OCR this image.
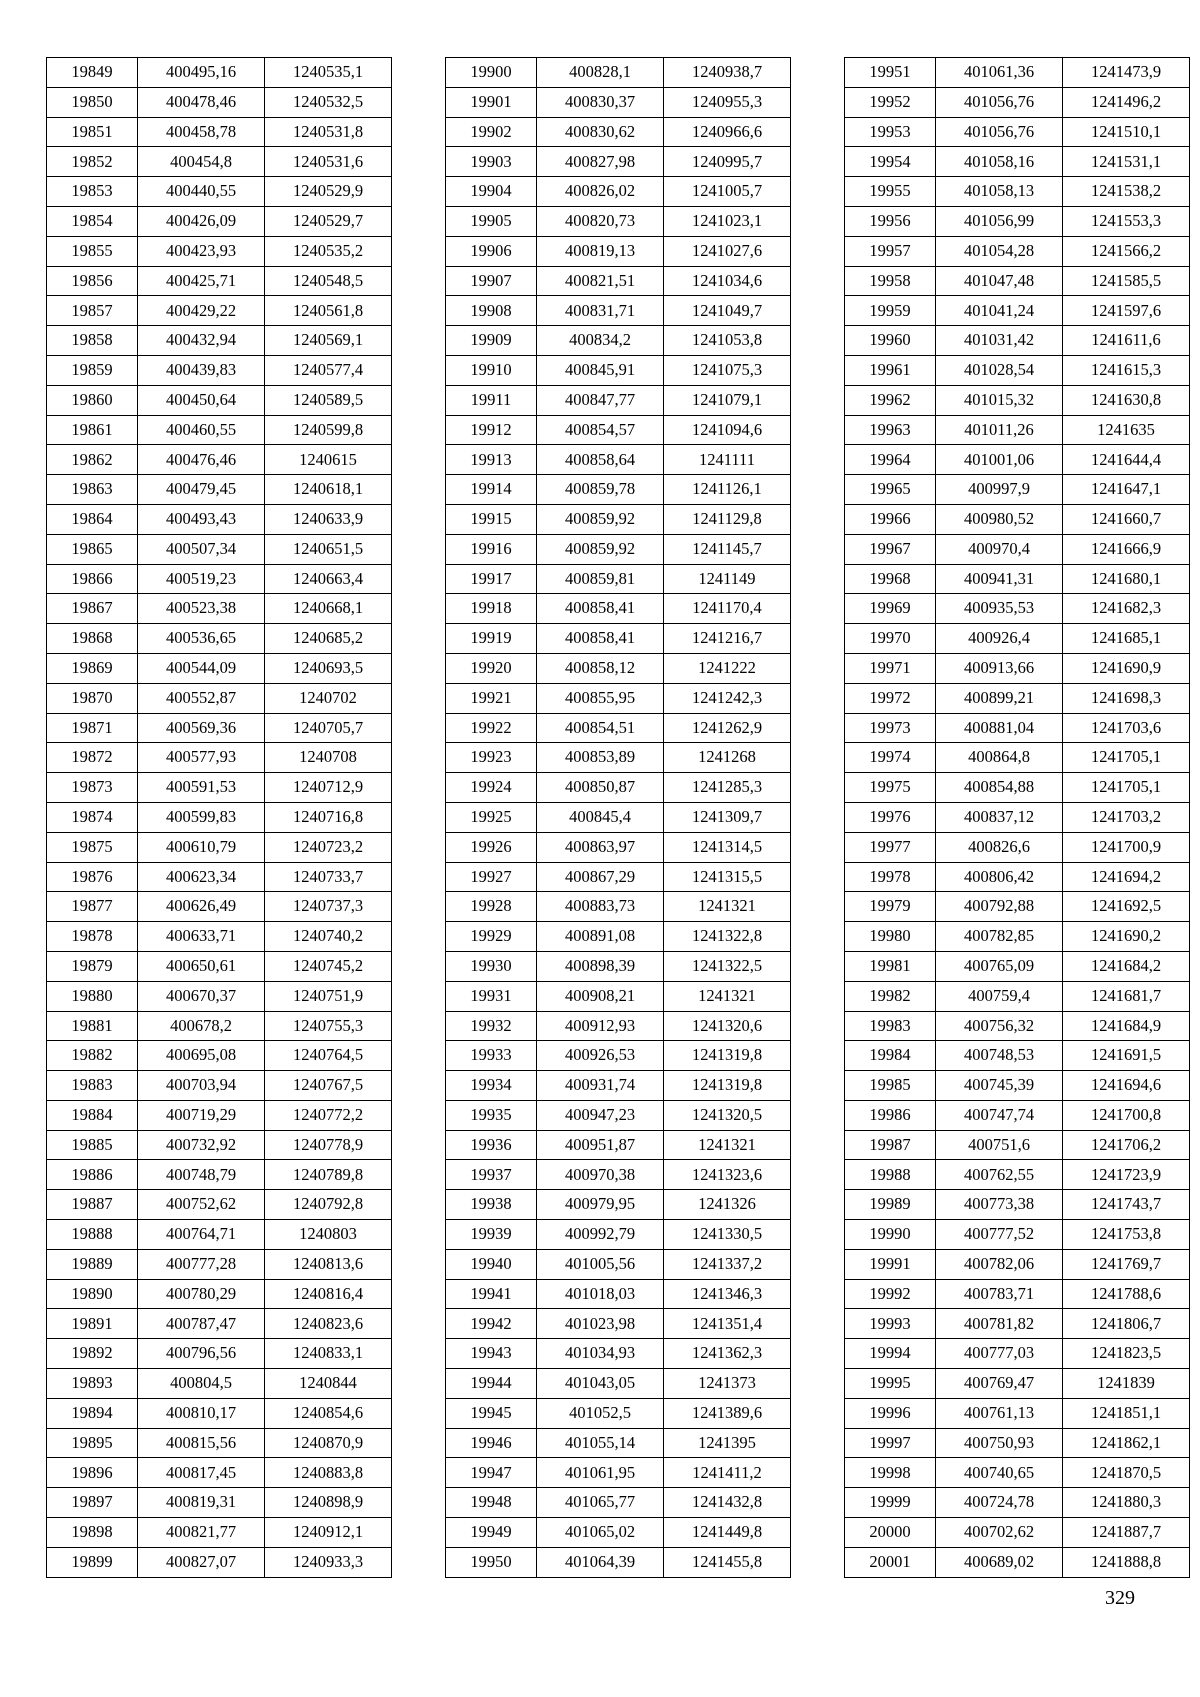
19849	400495,16	1240535,1
19850	400478,46	1240532,5
19851	400458,78	1240531,8
19852	400454,8	1240531,6
19853	400440,55	1240529,9
19854	400426,09	1240529,7
19855	400423,93	1240535,2
19856	400425,71	1240548,5
19857	400429,22	1240561,8
19858	400432,94	1240569,1
19859	400439,83	1240577,4
19860	400450,64	1240589,5
19861	400460,55	1240599,8
19862	400476,46	1240615
19863	400479,45	1240618,1
19864	400493,43	1240633,9
19865	400507,34	1240651,5
19866	400519,23	1240663,4
19867	400523,38	1240668,1
19868	400536,65	1240685,2
19869	400544,09	1240693,5
19870	400552,87	1240702
19871	400569,36	1240705,7
19872	400577,93	1240708
19873	400591,53	1240712,9
19874	400599,83	1240716,8
19875	400610,79	1240723,2
19876	400623,34	1240733,7
19877	400626,49	1240737,3
19878	400633,71	1240740,2
19879	400650,61	1240745,2
19880	400670,37	1240751,9
19881	400678,2	1240755,3
19882	400695,08	1240764,5
19883	400703,94	1240767,5
19884	400719,29	1240772,2
19885	400732,92	1240778,9
19886	400748,79	1240789,8
19887	400752,62	1240792,8
19888	400764,71	1240803
19889	400777,28	1240813,6
19890	400780,29	1240816,4
19891	400787,47	1240823,6
19892	400796,56	1240833,1
19893	400804,5	1240844
19894	400810,17	1240854,6
19895	400815,56	1240870,9
19896	400817,45	1240883,8
19897	400819,31	1240898,9
19898	400821,77	1240912,1
19899	400827,07	1240933,3
19900	400828,1	1240938,7
19901	400830,37	1240955,3
19902	400830,62	1240966,6
19903	400827,98	1240995,7
19904	400826,02	1241005,7
19905	400820,73	1241023,1
19906	400819,13	1241027,6
19907	400821,51	1241034,6
19908	400831,71	1241049,7
19909	400834,2	1241053,8
19910	400845,91	1241075,3
19911	400847,77	1241079,1
19912	400854,57	1241094,6
19913	400858,64	1241111
19914	400859,78	1241126,1
19915	400859,92	1241129,8
19916	400859,92	1241145,7
19917	400859,81	1241149
19918	400858,41	1241170,4
19919	400858,41	1241216,7
19920	400858,12	1241222
19921	400855,95	1241242,3
19922	400854,51	1241262,9
19923	400853,89	1241268
19924	400850,87	1241285,3
19925	400845,4	1241309,7
19926	400863,97	1241314,5
19927	400867,29	1241315,5
19928	400883,73	1241321
19929	400891,08	1241322,8
19930	400898,39	1241322,5
19931	400908,21	1241321
19932	400912,93	1241320,6
19933	400926,53	1241319,8
19934	400931,74	1241319,8
19935	400947,23	1241320,5
19936	400951,87	1241321
19937	400970,38	1241323,6
19938	400979,95	1241326
19939	400992,79	1241330,5
19940	401005,56	1241337,2
19941	401018,03	1241346,3
19942	401023,98	1241351,4
19943	401034,93	1241362,3
19944	401043,05	1241373
19945	401052,5	1241389,6
19946	401055,14	1241395
19947	401061,95	1241411,2
19948	401065,77	1241432,8
19949	401065,02	1241449,8
19950	401064,39	1241455,8
19951	401061,36	1241473,9
19952	401056,76	1241496,2
19953	401056,76	1241510,1
19954	401058,16	1241531,1
19955	401058,13	1241538,2
19956	401056,99	1241553,3
19957	401054,28	1241566,2
19958	401047,48	1241585,5
19959	401041,24	1241597,6
19960	401031,42	1241611,6
19961	401028,54	1241615,3
19962	401015,32	1241630,8
19963	401011,26	1241635
19964	401001,06	1241644,4
19965	400997,9	1241647,1
19966	400980,52	1241660,7
19967	400970,4	1241666,9
19968	400941,31	1241680,1
19969	400935,53	1241682,3
19970	400926,4	1241685,1
19971	400913,66	1241690,9
19972	400899,21	1241698,3
19973	400881,04	1241703,6
19974	400864,8	1241705,1
19975	400854,88	1241705,1
19976	400837,12	1241703,2
19977	400826,6	1241700,9
19978	400806,42	1241694,2
19979	400792,88	1241692,5
19980	400782,85	1241690,2
19981	400765,09	1241684,2
19982	400759,4	1241681,7
19983	400756,32	1241684,9
19984	400748,53	1241691,5
19985	400745,39	1241694,6
19986	400747,74	1241700,8
19987	400751,6	1241706,2
19988	400762,55	1241723,9
19989	400773,38	1241743,7
19990	400777,52	1241753,8
19991	400782,06	1241769,7
19992	400783,71	1241788,6
19993	400781,82	1241806,7
19994	400777,03	1241823,5
19995	400769,47	1241839
19996	400761,13	1241851,1
19997	400750,93	1241862,1
19998	400740,65	1241870,5
19999	400724,78	1241880,3
20000	400702,62	1241887,7
20001	400689,02	1241888,8
329
